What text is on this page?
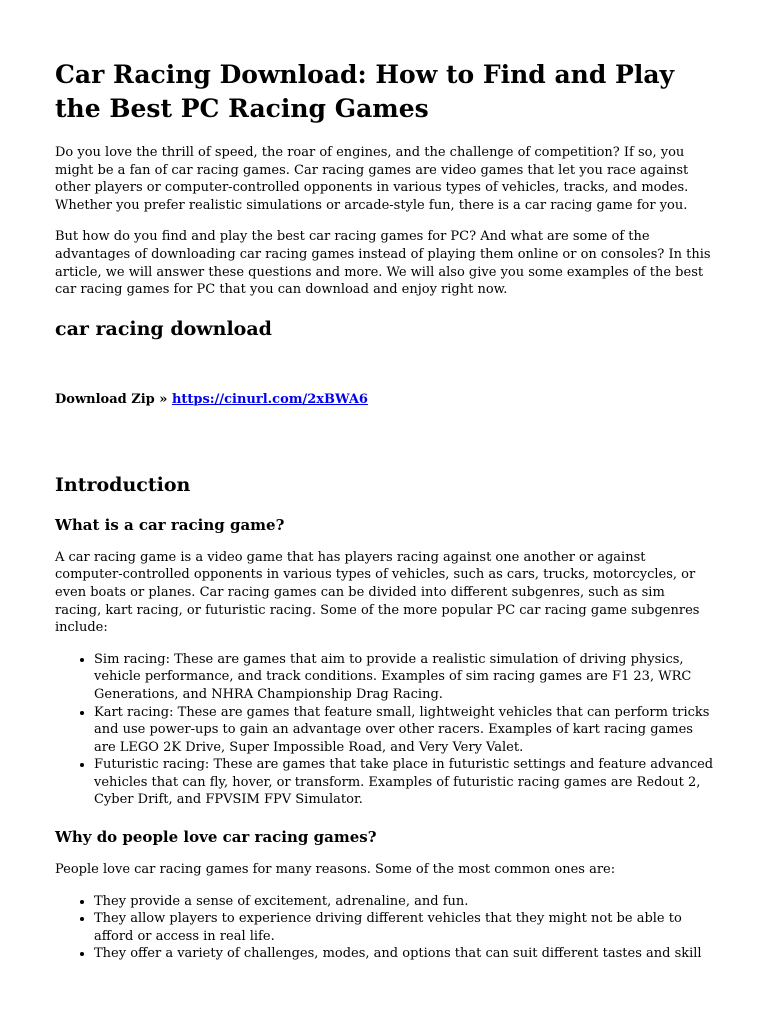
Car Racing Download: How to Find and Play the Best PC Racing Games

Do you love the thrill of speed, the roar of engines, and the challenge of competition? If so, you might be a fan of car racing games. Car racing games are video games that let you race against other players or computer-controlled opponents in various types of vehicles, tracks, and modes. Whether you prefer realistic simulations or arcade-style fun, there is a car racing game for you.

But how do you find and play the best car racing games for PC? And what are some of the advantages of downloading car racing games instead of playing them online or on consoles? In this article, we will answer these questions and more. We will also give you some examples of the best car racing games for PC that you can download and enjoy right now.

car racing download
Download Zip » https://cinurl.com/2xBWA6
Introduction
What is a car racing game?

A car racing game is a video game that has players racing against one another or against computer-controlled opponents in various types of vehicles, such as cars, trucks, motorcycles, or even boats or planes. Car racing games can be divided into different subgenres, such as sim racing, kart racing, or futuristic racing. Some of the more popular PC car racing game subgenres include:

• Sim racing: These are games that aim to provide a realistic simulation of driving physics, vehicle performance, and track conditions. Examples of sim racing games are F1 23, WRC Generations, and NHRA Championship Drag Racing.
• Kart racing: These are games that feature small, lightweight vehicles that can perform tricks and use power-ups to gain an advantage over other racers. Examples of kart racing games are LEGO 2K Drive, Super Impossible Road, and Very Very Valet.
• Futuristic racing: These are games that take place in futuristic settings and feature advanced vehicles that can fly, hover, or transform. Examples of futuristic racing games are Redout 2, Cyber Drift, and FPVSIM FPV Simulator.
Why do people love car racing games?

People love car racing games for many reasons. Some of the most common ones are:

• They provide a sense of excitement, adrenaline, and fun.
• They allow players to experience driving different vehicles that they might not be able to afford or access in real life.
• They offer a variety of challenges, modes, and options that can suit different tastes and skill
